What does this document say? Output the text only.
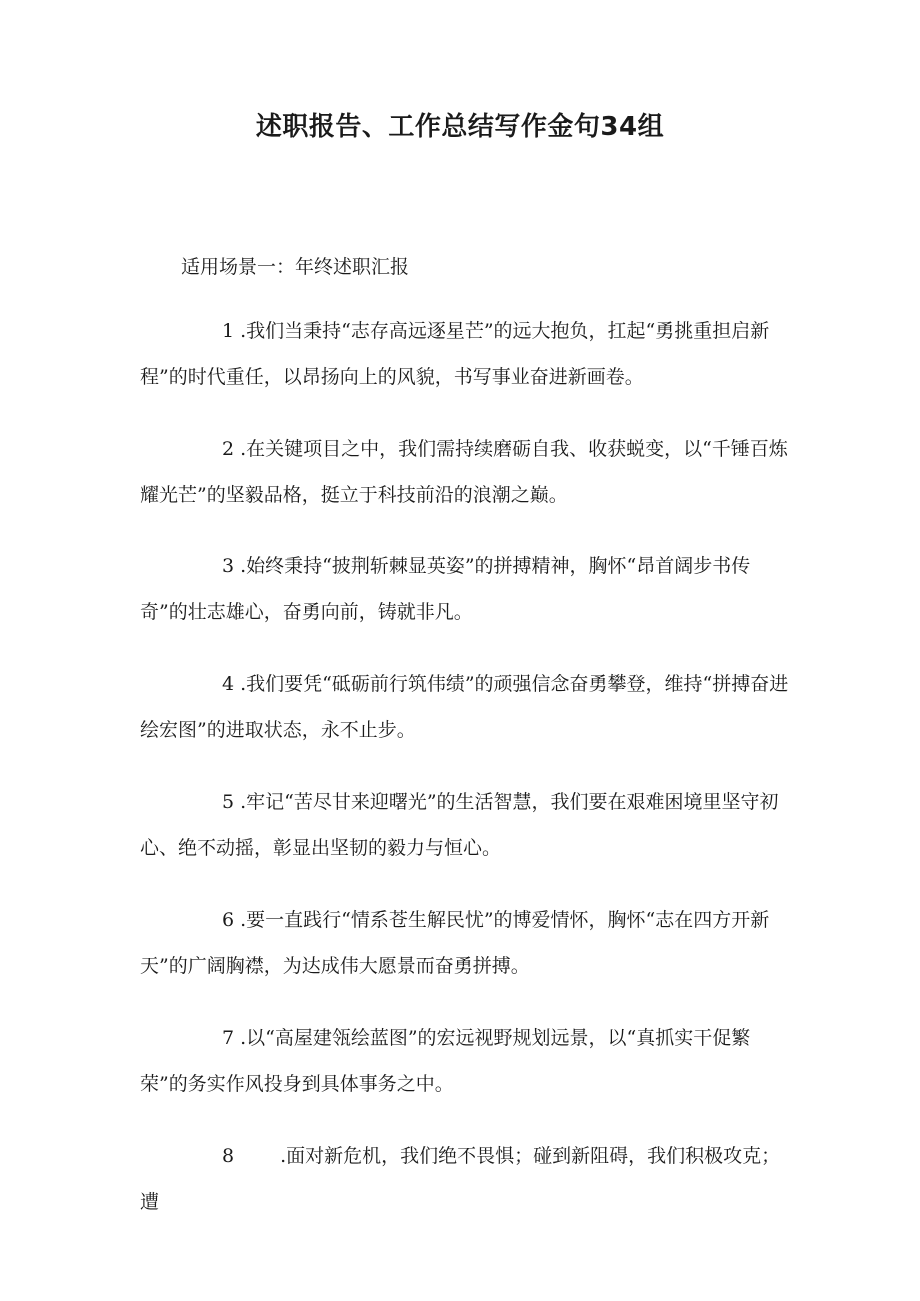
述职报告、工作总结写作金句34组

适用场景一：年终述职汇报

1 .我们当秉持“志存高远逐星芒”的远大抱负，扛起“勇挑重担启新程”的时代重任，以昂扬向上的风貌，书写事业奋进新画卷。

2 .在关键项目之中，我们需持续磨砺自我、收获蜕变，以“千锤百炼耀光芒”的坚毅品格，挺立于科技前沿的浪潮之巅。

3 .始终秉持“披荆斩棘显英姿”的拼搏精神，胸怀“昂首阔步书传奇”的壮志雄心，奋勇向前，铸就非凡。

4 .我们要凭“砥砺前行筑伟绩”的顽强信念奋勇攀登，维持“拼搏奋进绘宏图”的进取状态，永不止步。

5 .牢记“苦尽甘来迎曙光”的生活智慧，我们要在艰难困境里坚守初心、绝不动摇，彰显出坚韧的毅力与恒心。

6 .要一直践行“情系苍生解民忧”的博爱情怀，胸怀“志在四方开新天”的广阔胸襟，为达成伟大愿景而奋勇拼搏。

7 .以“高屋建瓴绘蓝图”的宏远视野规划远景，以“真抓实干促繁荣”的务实作风投身到具体事务之中。

8 .面对新危机，我们绝不畏惧；碰到新阻碍，我们积极攻克；遭
